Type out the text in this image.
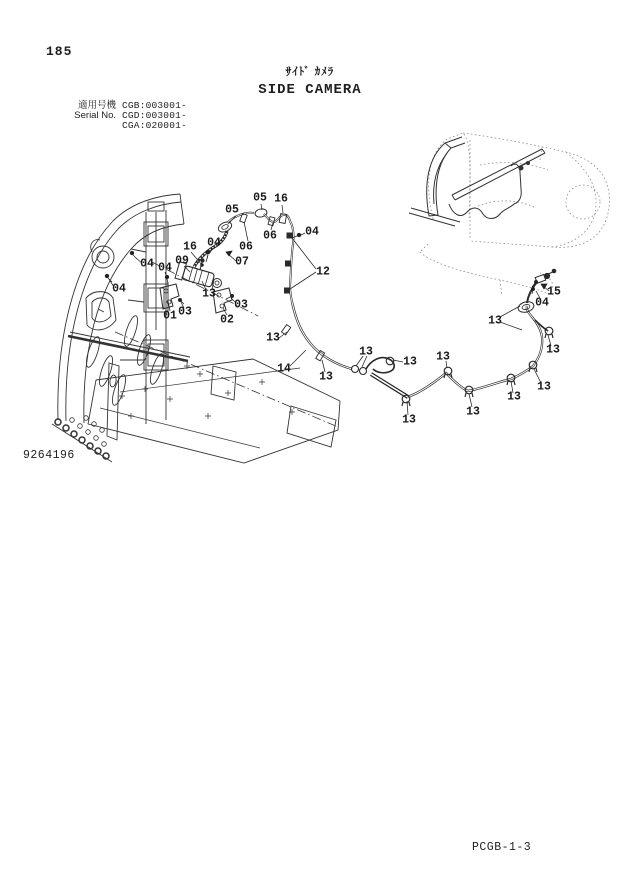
185
ｻｲﾄﾞ ｶﾒﾗ
SIDE CAMERA
適用号機 CGB:003001-
Serial No. CGD:003001-
CGA:020001-
05
05 16
06
06 04
07
12
16 04
09
04
04
04
13
01 03
02
03
13
14
13
13
13
13
13
13
13
13
13
13
15
04
9264196
PCGB-1-3
